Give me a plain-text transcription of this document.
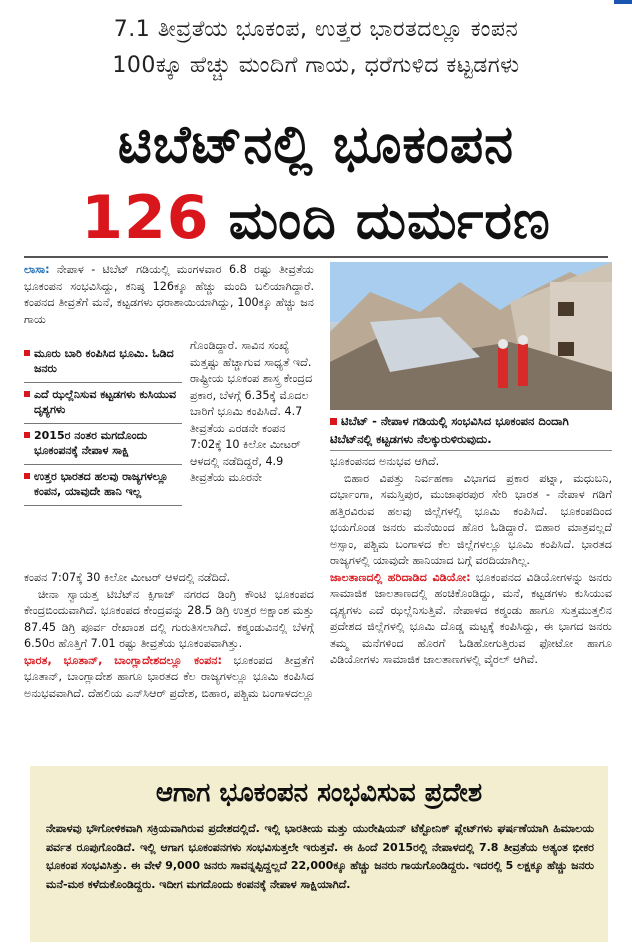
7.1 ತೀವ್ರತೆಯ ಭೂಕಂಪ, ಉತ್ತರ ಭಾರತದಲ್ಲೂ ಕಂಪನ
100ಕ್ಕೂ ಹೆಚ್ಚು ಮಂದಿಗೆ ಗಾಯ, ಧರೆಗುಳಿದ ಕಟ್ಟಡಗಳು
ಟಿಬೆಟ್‌ನಲ್ಲಿ ಭೂಕಂಪನ
126 ಮಂದಿ ದುರ್ಮರಣ
ಲಾಸಾ: ನೇಪಾಳ - ಟಿಬೆಟ್ ಗಡಿಯಲ್ಲಿ ಮಂಗಳವಾರ 6.8 ರಷ್ಟು ತೀವ್ರತೆಯ ಭೂಕಂಪನ ಸಂಭವಿಸಿದ್ದು, ಕನಿಷ್ಠ 126ಕ್ಕೂ ಹೆಚ್ಚು ಮಂದಿ ಬಲಿಯಾಗಿದ್ದಾರೆ. ಕಂಪನದ ತೀವ್ರತೆಗೆ ಮನೆ, ಕಟ್ಟಡಗಳು ಧರಾಶಾಯಿಯಾಗಿದ್ದು, 100ಕ್ಕೂ ಹೆಚ್ಚು ಜನ ಗಾಯ
ಮೂರು ಬಾರಿ ಕಂಪಿಸಿದ ಭೂಮಿ. ಓಡಿದ ಜನರು
ಎದೆ ಝಲ್ಲೆನಿಸುವ ಕಟ್ಟಡಗಳು ಕುಸಿಯುವ ದೃಶ್ಯಗಳು
2015ರ ನಂತರ ಮಗದೊಂದು ಭೂಕಂಪನಕ್ಕೆ ನೇಪಾಳ ಸಾಕ್ಷಿ
ಉತ್ತರ ಭಾರತದ ಹಲವು ರಾಜ್ಯಗಳಲ್ಲೂ ಕಂಪನ, ಯಾವುದೇ ಹಾನಿ ಇಲ್ಲ
ಗೊಂಡಿದ್ದಾರೆ. ಸಾವಿನ ಸಂಖ್ಯೆ ಮತ್ತಷ್ಟು ಹೆಚ್ಚಾಗುವ ಸಾಧ್ಯತೆ ಇದೆ. ರಾಷ್ಟ್ರೀಯ ಭೂಕಂಪ ಶಾಸ್ತ್ರ ಕೇಂದ್ರದ ಪ್ರಕಾರ, ಬೆಳಗ್ಗೆ 6.35ಕ್ಕೆ ಮೊದಲ ಬಾರಿಗೆ ಭೂಮಿ ಕಂಪಿಸಿದೆ. 4.7 ತೀವ್ರತೆಯ ಎರಡನೇ ಕಂಪನ 7:02ಕ್ಕೆ 10 ಕಿಲೋ ಮೀಟರ್ ಆಳದಲ್ಲಿ ನಡೆದಿದ್ದರೆ, 4.9 ತೀವ್ರತೆಯ ಮೂರನೇ

ಕಂಪನ 7:07ಕ್ಕೆ 30 ಕಿಲೋ ಮೀಟರ್ ಆಳದಲ್ಲಿ ನಡೆದಿದೆ.

ಚೀನಾ ಸ್ವಾಯತ್ತ ಟಿಬೆಟ್‌ನ ಕ್ಸಿಗಾಜ್ ನಗರದ ಡಿಂಗ್ರಿ ಕೌಂಟಿ ಭೂಕಂಪದ ಕೇಂದ್ರಬಿಂದುವಾಗಿದೆ. ಭೂಕಂಪದ ಕೇಂದ್ರವನ್ನು 28.5 ಡಿಗ್ರಿ ಉತ್ತರ ಅಕ್ಷಾಂಶ ಮತ್ತು 87.45 ಡಿಗ್ರಿ ಪೂರ್ವ ರೇಖಾಂಶ ದಲ್ಲಿ ಗುರುತಿಸಲಾಗಿದೆ. ಕಠ್ಮಂಡುವಿನಲ್ಲಿ ಬೆಳಗ್ಗೆ 6.50ರ ಹೊತ್ತಿಗೆ 7.01 ರಷ್ಟು ತೀವ್ರತೆಯ ಭೂಕಂಪವಾಗಿತ್ತು.

ಭಾರತ, ಭೂತಾನ್, ಬಾಂಗ್ಲಾದೇಶದಲ್ಲೂ ಕಂಪನ: ಭೂಕಂಪದ ತೀವ್ರತೆಗೆ ಭೂತಾನ್, ಬಾಂಗ್ಲಾದೇಶ ಹಾಗೂ ಭಾರತದ ಕೆಲ ರಾಜ್ಯಗಳಲ್ಲೂ ಭೂಮಿ ಕಂಪಿಸಿದ ಅನುಭವವಾಗಿದೆ. ದೆಹಲಿಯ ಎನ್‌ಸಿಆರ್ ಪ್ರದೇಶ, ಬಿಹಾರ, ಪಶ್ಚಿಮ ಬಂಗಾಳದಲ್ಲೂ

ಟಿಬೆಟ್ - ನೇಪಾಳ ಗಡಿಯಲ್ಲಿ ಸಂಭವಿಸಿದ ಭೂಕಂಪನ ದಿಂದಾಗಿ ಟಿಬೆಟ್‌ನಲ್ಲಿ ಕಟ್ಟಡಗಳು ನೆಲಕ್ಕುರುಳಿರುವುದು.

ಭೂಕಂಪನದ ಅನುಭವ ಆಗಿದೆ.

ಬಿಹಾರ ವಿಪತ್ತು ನಿರ್ವಹಣಾ ವಿಭಾಗದ ಪ್ರಕಾರ ಪಟ್ನಾ, ಮಧುಬನಿ, ದರ್ಭಾಂಗಾ, ಸಮಸ್ತಿಪುರ, ಮುಜಾಫರಪುರ ಸೇರಿ ಭಾರತ - ನೇಪಾಳ ಗಡಿಗೆ ಹತ್ತಿರವಿರುವ ಹಲವು ಜಿಲ್ಲೆಗಳಲ್ಲಿ ಭೂಮಿ ಕಂಪಿಸಿದೆ. ಭೂಕಂಪದಿಂದ ಭಯಗೊಂಡ ಜನರು ಮನೆಯಿಂದ ಹೊರ ಓಡಿದ್ದಾರೆ. ಬಿಹಾರ ಮಾತ್ರವಲ್ಲದೆ ಅಸ್ಸಾಂ, ಪಶ್ಚಿಮ ಬಂಗಾಳದ ಕೆಲ ಜಿಲ್ಲೆಗಳಲ್ಲೂ ಭೂಮಿ ಕಂಪಿಸಿದೆ. ಭಾರತದ ರಾಜ್ಯಗಳಲ್ಲಿ ಯಾವುದೇ ಹಾನಿಯಾದ ಬಗ್ಗೆ ವರದಿಯಾಗಿಲ್ಲ.

ಜಾಲತಾಣದಲ್ಲಿ ಹರಿದಾಡಿದ ವಿಡಿಯೋ: ಭೂಕಂಪನದ ವಿಡಿಯೋಗಳನ್ನು ಜನರು ಸಾಮಾಜಿಕ ಜಾಲತಾಣದಲ್ಲಿ ಹಂಚಿಕೊಂಡಿದ್ದು, ಮನೆ, ಕಟ್ಟಡಗಳು ಕುಸಿಯುವ ದೃಶ್ಯಗಳು ಎದೆ ಝಲ್ಲೆನಿಸುತ್ತಿವೆ. ನೇಪಾಳದ ಕಠ್ಮಂಡು ಹಾಗೂ ಸುತ್ತಮುತ್ತಲಿನ ಪ್ರದೇಶದ ಜಿಲ್ಲೆಗಳಲ್ಲಿ ಭೂಮಿ ದೊಡ್ಡ ಮಟ್ಟಕ್ಕೆ ಕಂಪಿಸಿದ್ದು, ಈ ಭಾಗದ ಜನರು ತಮ್ಮ ಮನೆಗಳಿಂದ ಹೊರಗೆ ಓಡಿಹೋಗುತ್ತಿರುವ ಫೋಟೋ ಹಾಗೂ ವಿಡಿಯೋಗಳು ಸಾಮಾಜಿಕ ಜಾಲತಾಣಗಳಲ್ಲಿ ವೈರಲ್ ಆಗಿವೆ.

ಆಗಾಗ ಭೂಕಂಪನ ಸಂಭವಿಸುವ ಪ್ರದೇಶ
ನೇಪಾಳವು ಭೌಗೋಳಿಕವಾಗಿ ಸಕ್ರಿಯವಾಗಿರುವ ಪ್ರದೇಶದಲ್ಲಿದೆ. ಇಲ್ಲಿ ಭಾರತೀಯ ಮತ್ತು ಯುರೇಷಿಯನ್ ಟೆಕ್ಟೋನಿಕ್ ಪ್ಲೇಟ್‌ಗಳು ಘರ್ಷಣೆಯಾಗಿ ಹಿಮಾಲಯ ಪರ್ವತ ರೂಪುಗೊಂಡಿದೆ. ಇಲ್ಲಿ ಆಗಾಗ ಭೂಕಂಪನಗಳು ಸಂಭವಿಸುತ್ತಲೇ ಇರುತ್ತವೆ. ಈ ಹಿಂದೆ 2015ರಲ್ಲಿ ನೇಪಾಳದಲ್ಲಿ 7.8 ತೀವ್ರತೆಯ ಅತ್ಯಂತ ಭೀಕರ ಭೂಕಂಪ ಸಂಭವಿಸಿತ್ತು. ಈ ವೇಳೆ 9,000 ಜನರು ಸಾವನ್ನಪ್ಪಿದ್ದಲ್ಲದೆ 22,000ಕ್ಕೂ ಹೆಚ್ಚು ಜನರು ಗಾಯಗೊಂಡಿದ್ದರು. ಇದರಲ್ಲಿ 5 ಲಕ್ಷಕ್ಕೂ ಹೆಚ್ಚು ಜನರು ಮನೆ-ಮಠ ಕಳೆದುಕೊಂಡಿದ್ದರು. ಇದೀಗ ಮಗದೊಂದು ಕಂಪನಕ್ಕೆ ನೇಪಾಳ ಸಾಕ್ಷಿಯಾಗಿದೆ.
